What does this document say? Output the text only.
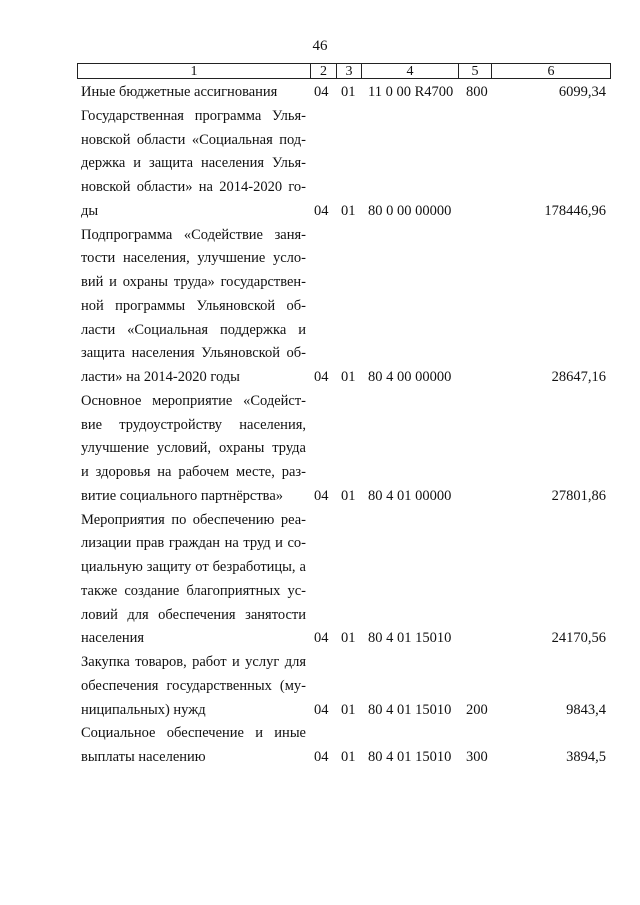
46
1	2	3	4	5	6
Иные бюджетные ассигнования	04 01 11 0 00 R4700 800	6099,34
Государственная программа Улья-
новской области «Социальная под-
держка и защита населения Улья-
новской области» на 2014-2020 го-
ды	04 01 80 0 00 00000	178446,96
Подпрограмма «Содействие заня-
тости населения, улучшение усло-
вий и охраны труда» государствен-
ной программы Ульяновской об-
ласти «Социальная поддержка и
защита населения Ульяновской об-
ласти» на 2014-2020 годы	04 01 80 4 00 00000	28647,16
Основное мероприятие «Содейст-
вие трудоустройству населения,
улучшение условий, охраны труда
и здоровья на рабочем месте, раз-
витие социального партнёрства»	04 01 80 4 01 00000	27801,86
Мероприятия по обеспечению реа-
лизации прав граждан на труд и со-
циальную защиту от безработицы, а
также создание благоприятных ус-
ловий для обеспечения занятости
населения	04 01 80 4 01 15010	24170,56
Закупка товаров, работ и услуг для
обеспечения государственных (му-
ниципальных) нужд	04 01 80 4 01 15010 200	9843,4
Социальное обеспечение и иные
выплаты населению	04 01 80 4 01 15010 300	3894,5
